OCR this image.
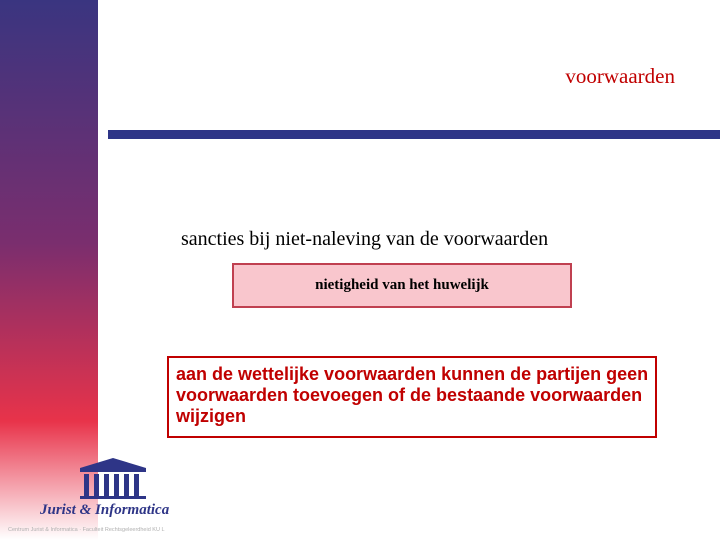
voorwaarden
sancties bij niet-naleving van de voorwaarden
nietigheid van het huwelijk

aan de wettelijke voorwaarden kunnen de partijen geen voorwaarden toevoegen of de bestaande voorwaarden wijzigen

Jurist & Informatica
Centrum Jurist & Informatica · Faculteit Rechtsgeleerdheid KU L
